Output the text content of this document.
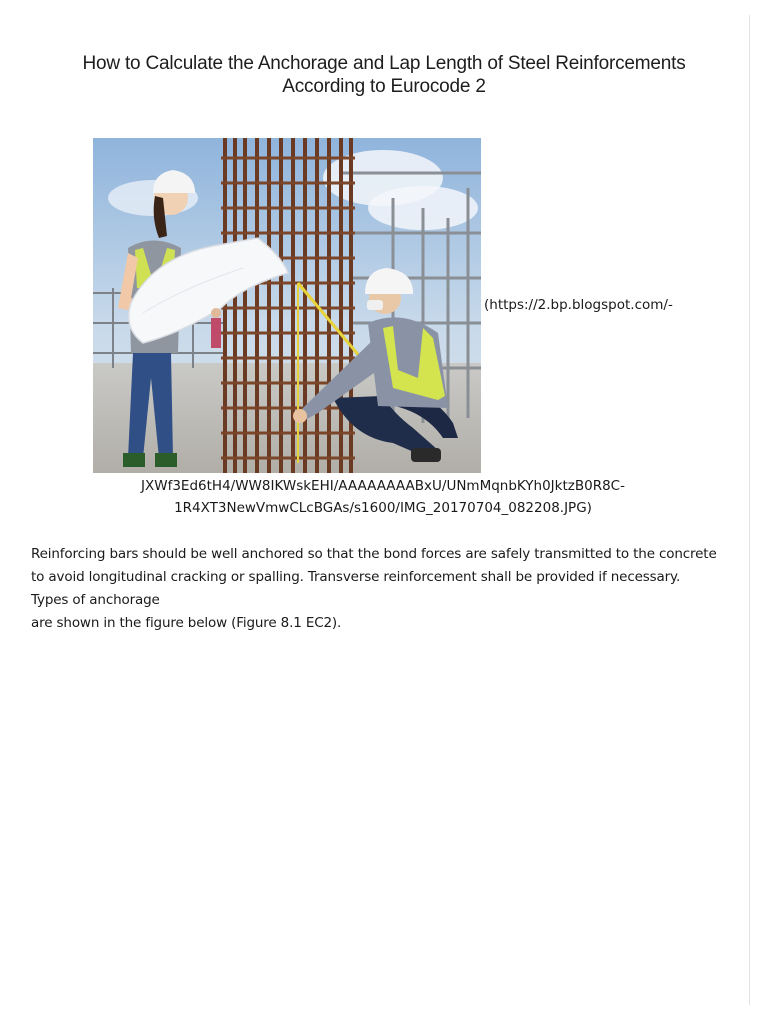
How to Calculate the Anchorage and Lap Length of Steel Reinforcements
According to Eurocode 2
(https://2.bp.blogspot.com/-
JXWf3Ed6tH4/WW8IKWskEHI/AAAAAAAABxU/UNmMqnbKYh0JktzB0R8C-
1R4XT3NewVmwCLcBGAs/s1600/IMG_20170704_082208.JPG)

Reinforcing bars should be well anchored so that the bond forces are safely transmitted to the concrete
to avoid longitudinal cracking or spalling. Transverse reinforcement shall be provided if necessary.
Types of anchorage
are shown in the figure below (Figure 8.1 EC2).
